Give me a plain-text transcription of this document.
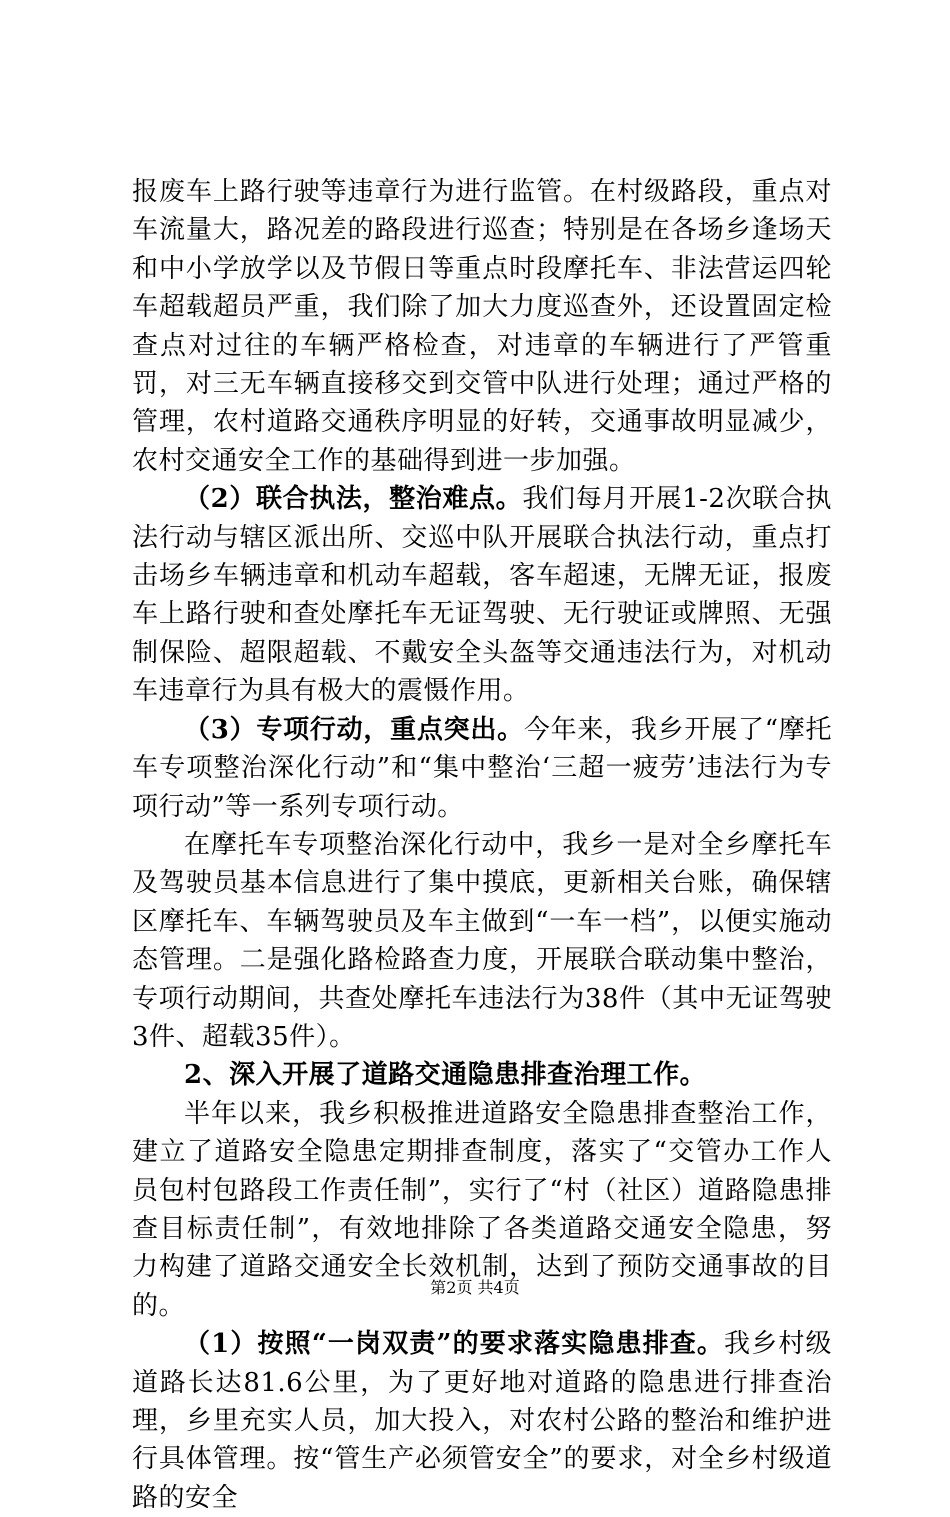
报废车上路行驶等违章行为进行监管。在村级路段，重点对车流量大，路况差的路段进行巡查；特别是在各场乡逢场天和中小学放学以及节假日等重点时段摩托车、非法营运四轮车超载超员严重，我们除了加大力度巡查外，还设置固定检查点对过往的车辆严格检查，对违章的车辆进行了严管重罚，对三无车辆直接移交到交管中队进行处理；通过严格的管理，农村道路交通秩序明显的好转，交通事故明显减少，农村交通安全工作的基础得到进一步加强。

（2）联合执法，整治难点。我们每月开展1-2次联合执法行动与辖区派出所、交巡中队开展联合执法行动，重点打击场乡车辆违章和机动车超载，客车超速，无牌无证，报废车上路行驶和查处摩托车无证驾驶、无行驶证或牌照、无强制保险、超限超载、不戴安全头盔等交通违法行为，对机动车违章行为具有极大的震慑作用。

（3）专项行动，重点突出。今年来，我乡开展了“摩托车专项整治深化行动”和“集中整治‘三超一疲劳’违法行为专项行动”等一系列专项行动。

在摩托车专项整治深化行动中，我乡一是对全乡摩托车及驾驶员基本信息进行了集中摸底，更新相关台账，确保辖区摩托车、车辆驾驶员及车主做到“一车一档”，以便实施动态管理。二是强化路检路查力度，开展联合联动集中整治，专项行动期间，共查处摩托车违法行为38件（其中无证驾驶3件、超载35件）。

2、深入开展了道路交通隐患排查治理工作。

半年以来，我乡积极推进道路安全隐患排查整治工作，建立了道路安全隐患定期排查制度，落实了“交管办工作人员包村包路段工作责任制”，实行了“村（社区）道路隐患排查目标责任制”，有效地排除了各类道路交通安全隐患，努力构建了道路交通安全长效机制，达到了预防交通事故的目的。

（1）按照“一岗双责”的要求落实隐患排查。我乡村级道路长达81.6公里，为了更好地对道路的隐患进行排查治理，乡里充实人员，加大投入，对农村公路的整治和维护进行具体管理。按“管生产必须管安全”的要求，对全乡村级道路的安全

第2页 共4页
